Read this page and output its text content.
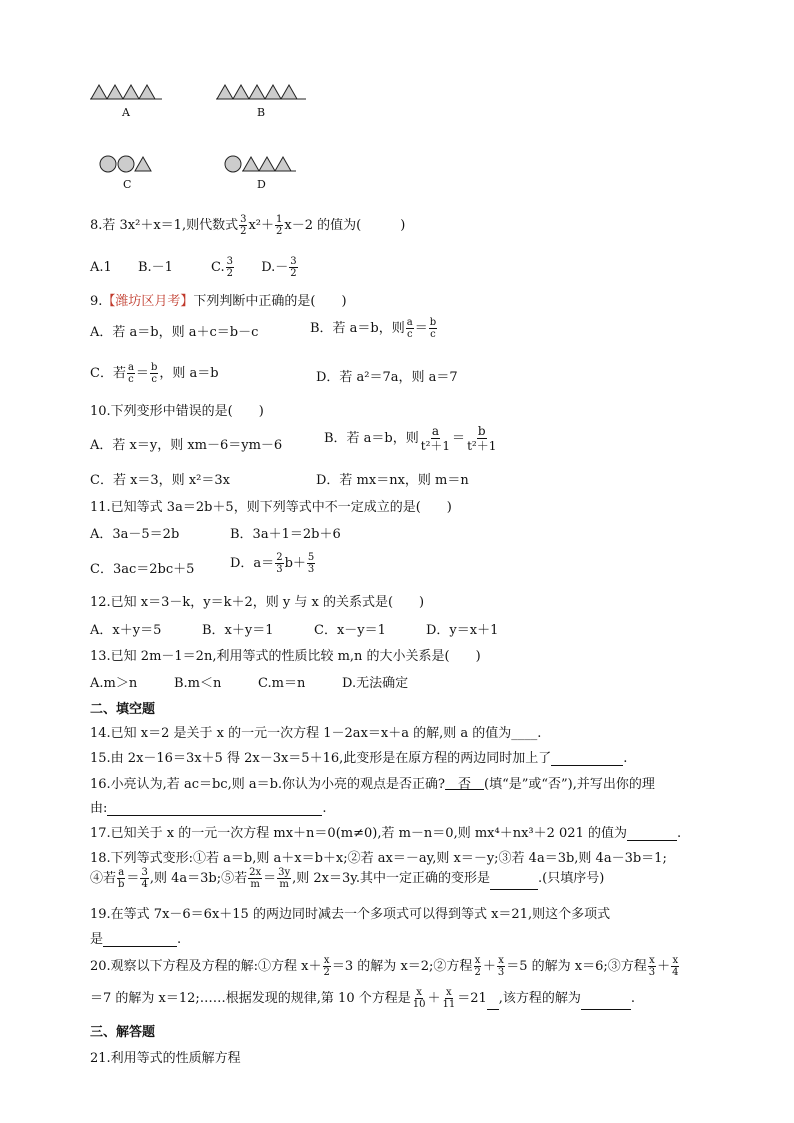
A	B
C	D
8.若 3x²＋x＝1,则代数式 $\frac{3}{2} x^2+ \frac{1}{2} x-2$ 的值为(　　　)
A.1 B.－1	C. $\frac{3}{2} D.- \frac{3}{2}$
9.【潍坊区月考】下列判断中正确的是(　　)
A．若 a＝b，则 a＋c＝b－c	B．若 a＝b，则 $\frac{a}{c} = \frac{b}{c}$
C．若 $\frac{a}{c} = \frac{b}{c}$ ，则 a＝b	D．若 a²＝7a，则 a＝7
10.下列变形中错误的是(　　)
A．若 x＝y，则 xm－6＝ym－6	B．若 a＝b，则 $\frac{a}{\text{t²＋1}} = \frac{b}{\text{t²＋1}}$
C．若 x＝3，则 x²＝3x	D．若 mx＝nx，则 m＝n
11.已知等式 3a＝2b＋5，则下列等式中不一定成立的是(　　)
A．3a－5＝2b	B．3a＋1＝2b＋6
C．3ac＝2bc＋5	D．$a= \frac{2}{3} b+ \frac{5}{3}$
12.已知 x＝3－k，y＝k＋2，则 y 与 x 的关系式是(　　)
A．x＋y＝5	B．x＋y＝1	C．x－y＝1	D．y＝x＋1
13.已知 2m－1＝2n,利用等式的性质比较 m,n 的大小关系是(　　)
A.m＞n	B.m＜n	C.m＝n	D.无法确定
二、填空题
14.已知 x＝2 是关于 x 的一元一次方程 1－2ax＝x＋a 的解,则 a 的值为____.
15.由 2x－16＝3x＋5 得 2x－3x＝5＋16,此变形是在原方程的两边同时加上了	.
16.小亮认为,若 ac＝bc,则 a＝b.你认为小亮的观点是否正确?　否　(填“是”或“否”),并写出你的理
由:	.
17.已知关于 x 的一元一次方程 mx＋n＝0(m≠0),若 m－n＝0,则 mx⁴＋nx³＋2 021 的值为	.
18.下列等式变形:①若 a＝b,则 a＋x＝b＋x;②若 ax＝－ay,则 x＝－y;③若 4a＝3b,则 4a－3b＝1;
④若 $\frac{a}{b} = \frac{3}{4}$ ,则 4a＝3b;⑤若 $\frac{2x}{m} = \frac{3y}{m}$ ,则 2x＝3y.其中一定正确的变形是	.(只填序号)
19.在等式 7x－6＝6x＋15 的两边同时减去一个多项式可以得到等式 x＝21,则这个多项式
是	.
20.观察以下方程及方程的解:①方程 $x+ \frac{x}{2} =3$ 的解为 x＝2;②方程 $\frac{x}{2} + \frac{x}{3} =5$ 的解为 x＝6;③方程 $\frac{x}{3} + \frac{x}{4}$
＝7 的解为 x＝12;……根据发现的规律,第 10 个方程是 $\frac{x}{10} + \frac{x}{11} =21$ ,该方程的解为	.
三、解答题
21.利用等式的性质解方程
